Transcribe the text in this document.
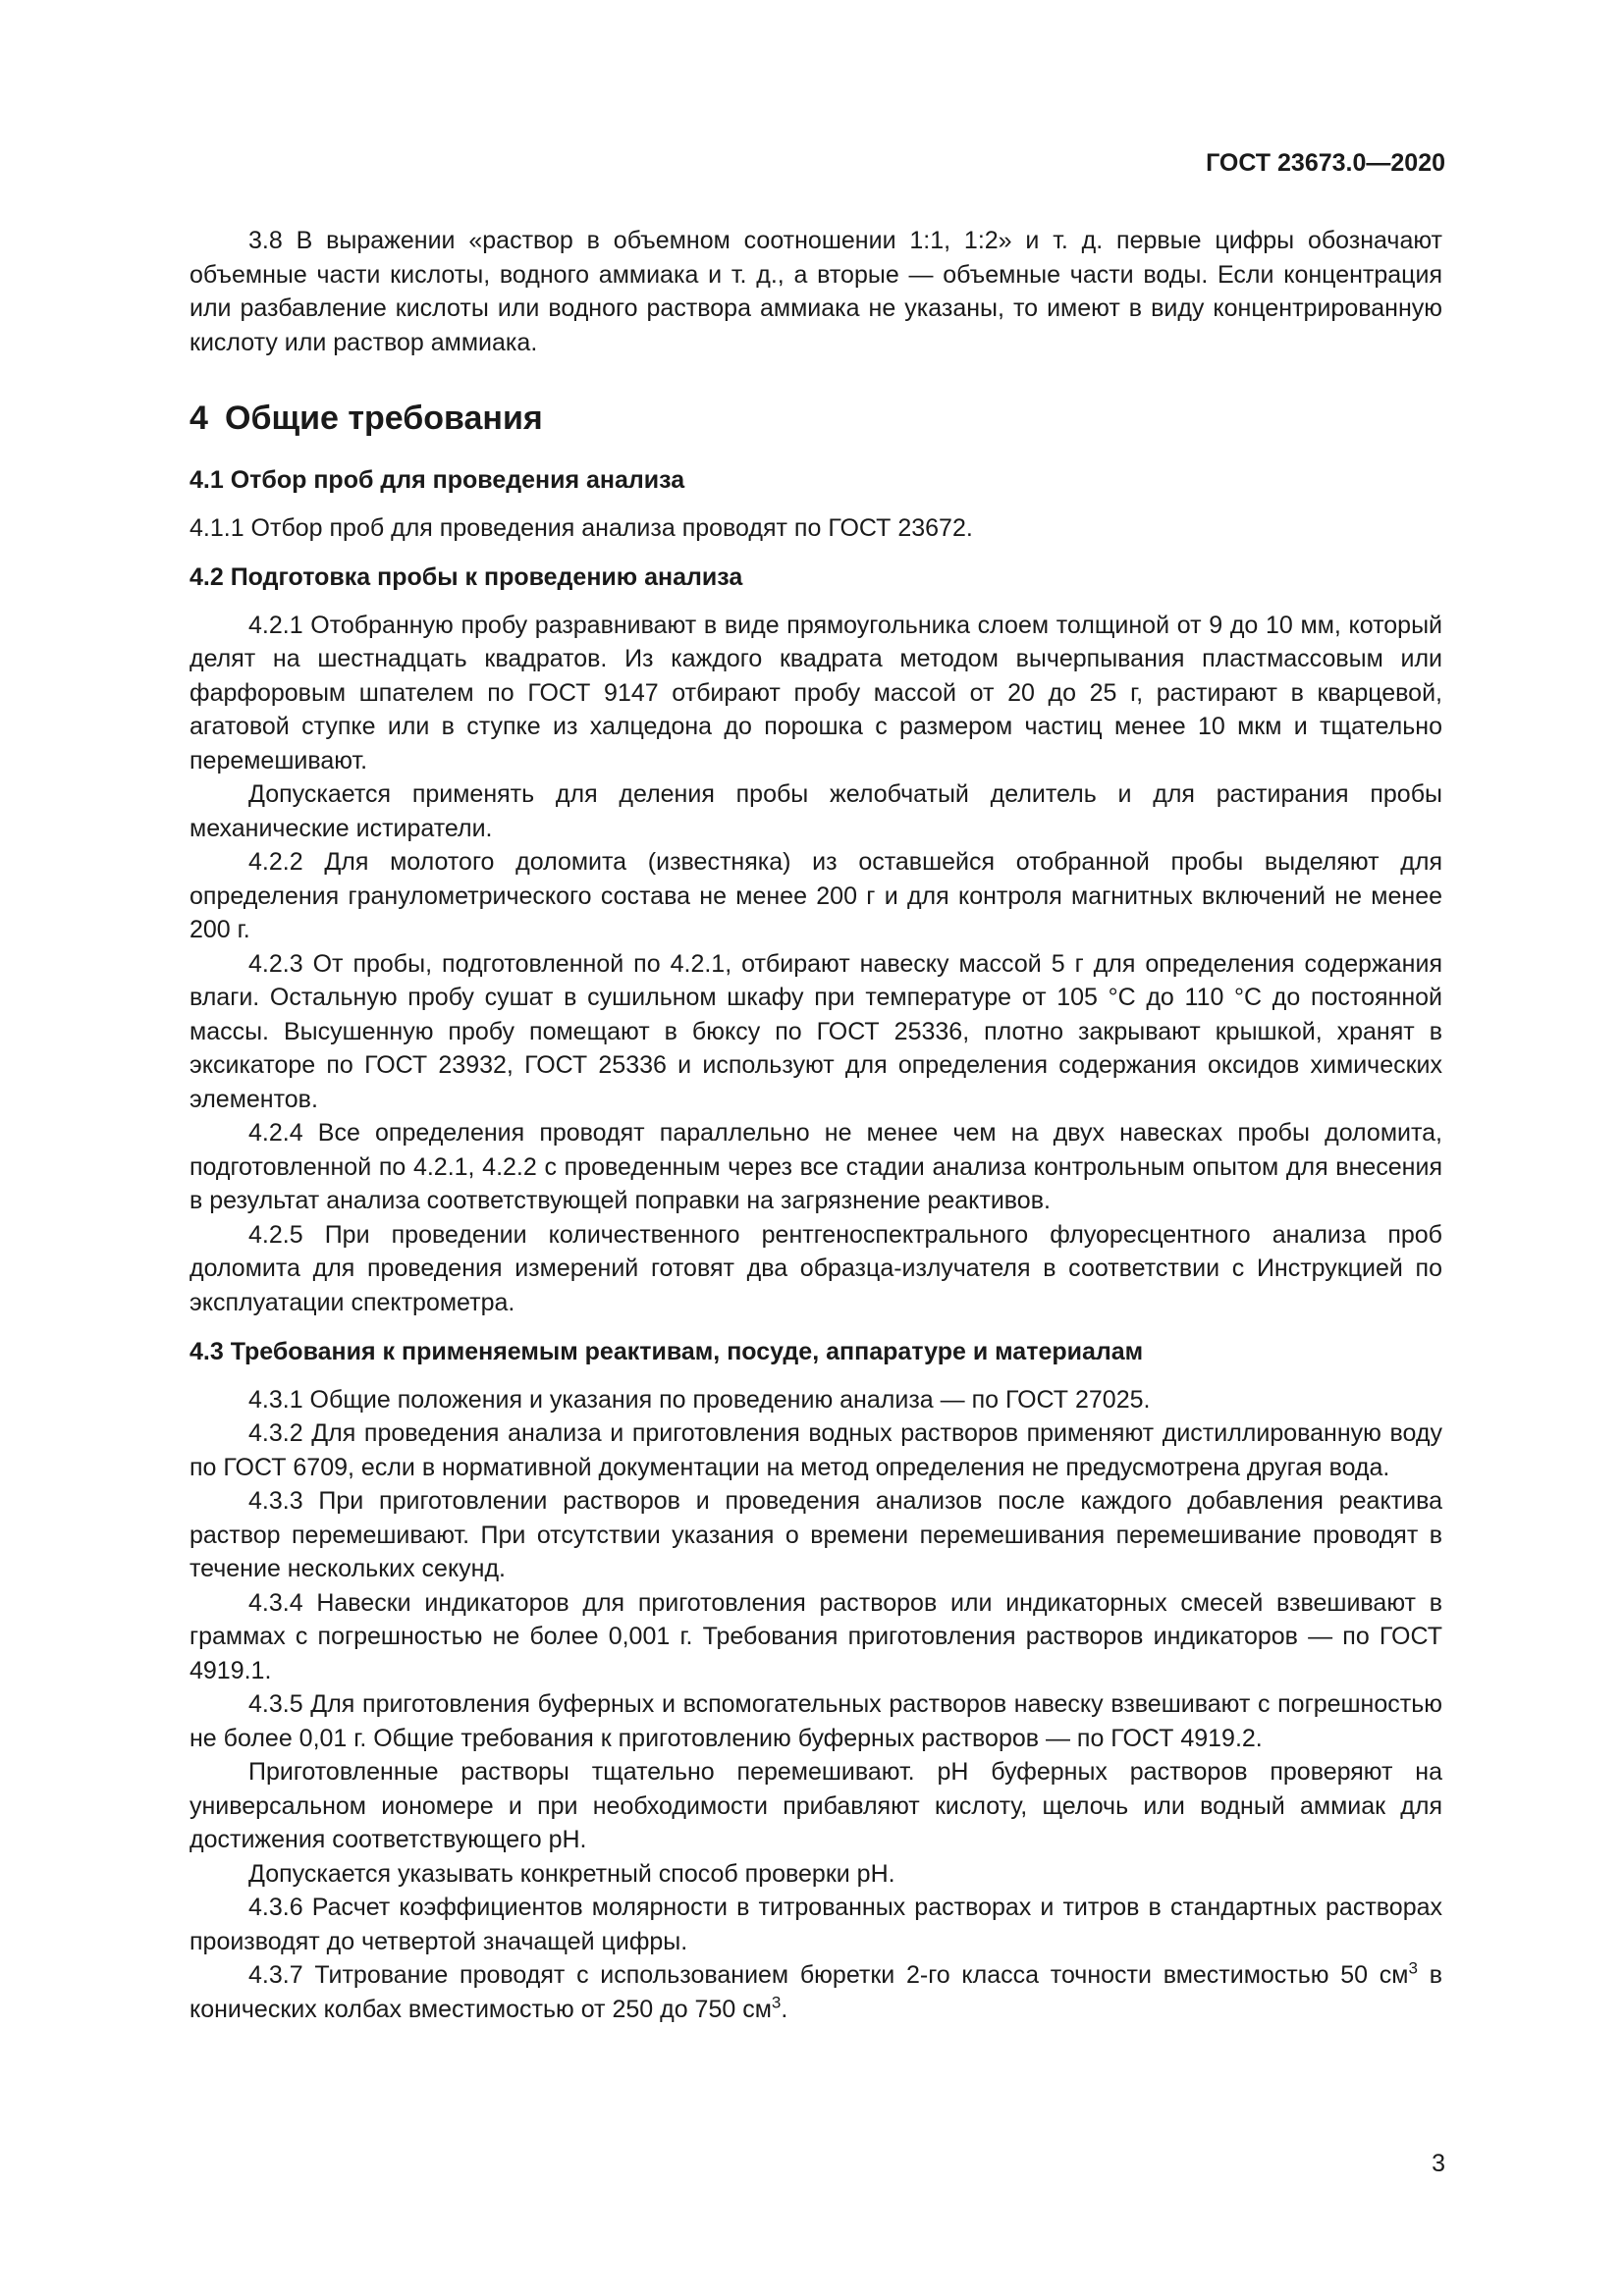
ГОСТ 23673.0—2020

3.8 В выражении «раствор в объемном соотношении 1:1, 1:2» и т. д. первые цифры обозначают объемные части кислоты, водного аммиака и т. д., а вторые — объемные части воды. Если концентрация или разбавление кислоты или водного раствора аммиака не указаны, то имеют в виду концентрированную кислоту или раствор аммиака.

4 Общие требования

4.1 Отбор проб для проведения анализа

4.1.1 Отбор проб для проведения анализа проводят по ГОСТ 23672.

4.2 Подготовка пробы к проведению анализа

4.2.1 Отобранную пробу разравнивают в виде прямоугольника слоем толщиной от 9 до 10 мм, который делят на шестнадцать квадратов. Из каждого квадрата методом вычерпывания пластмассовым или фарфоровым шпателем по ГОСТ 9147 отбирают пробу массой от 20 до 25 г, растирают в кварцевой, агатовой ступке или в ступке из халцедона до порошка с размером частиц менее 10 мкм и тщательно перемешивают.

Допускается применять для деления пробы желобчатый делитель и для растирания пробы механические истиратели.

4.2.2 Для молотого доломита (известняка) из оставшейся отобранной пробы выделяют для определения гранулометрического состава не менее 200 г и для контроля магнитных включений не менее 200 г.

4.2.3 От пробы, подготовленной по 4.2.1, отбирают навеску массой 5 г для определения содержания влаги. Остальную пробу сушат в сушильном шкафу при температуре от 105 °С до 110 °С до постоянной массы. Высушенную пробу помещают в бюксу по ГОСТ 25336, плотно закрывают крышкой, хранят в эксикаторе по ГОСТ 23932, ГОСТ 25336 и используют для определения содержания оксидов химических элементов.

4.2.4 Все определения проводят параллельно не менее чем на двух навесках пробы доломита, подготовленной по 4.2.1, 4.2.2 с проведенным через все стадии анализа контрольным опытом для внесения в результат анализа соответствующей поправки на загрязнение реактивов.

4.2.5 При проведении количественного рентгеноспектрального флуоресцентного анализа проб доломита для проведения измерений готовят два образца-излучателя в соответствии с Инструкцией по эксплуатации спектрометра.

4.3 Требования к применяемым реактивам, посуде, аппаратуре и материалам

4.3.1 Общие положения и указания по проведению анализа — по ГОСТ 27025.

4.3.2 Для проведения анализа и приготовления водных растворов применяют дистиллированную воду по ГОСТ 6709, если в нормативной документации на метод определения не предусмотрена другая вода.

4.3.3 При приготовлении растворов и проведения анализов после каждого добавления реактива раствор перемешивают. При отсутствии указания о времени перемешивания перемешивание проводят в течение нескольких секунд.

4.3.4 Навески индикаторов для приготовления растворов или индикаторных смесей взвешивают в граммах с погрешностью не более 0,001 г. Требования приготовления растворов индикаторов — по ГОСТ 4919.1.

4.3.5 Для приготовления буферных и вспомогательных растворов навеску взвешивают с погрешностью не более 0,01 г. Общие требования к приготовлению буферных растворов — по ГОСТ 4919.2.

Приготовленные растворы тщательно перемешивают. рН буферных растворов проверяют на универсальном иономере и при необходимости прибавляют кислоту, щелочь или водный аммиак для достижения соответствующего рН.

Допускается указывать конкретный способ проверки рН.

4.3.6 Расчет коэффициентов молярности в титрованных растворах и титров в стандартных растворах производят до четвертой значащей цифры.

4.3.7 Титрование проводят с использованием бюретки 2-го класса точности вместимостью 50 $см^3$ в конических колбах вместимостью от 250 до 750 $см^3$.

3
